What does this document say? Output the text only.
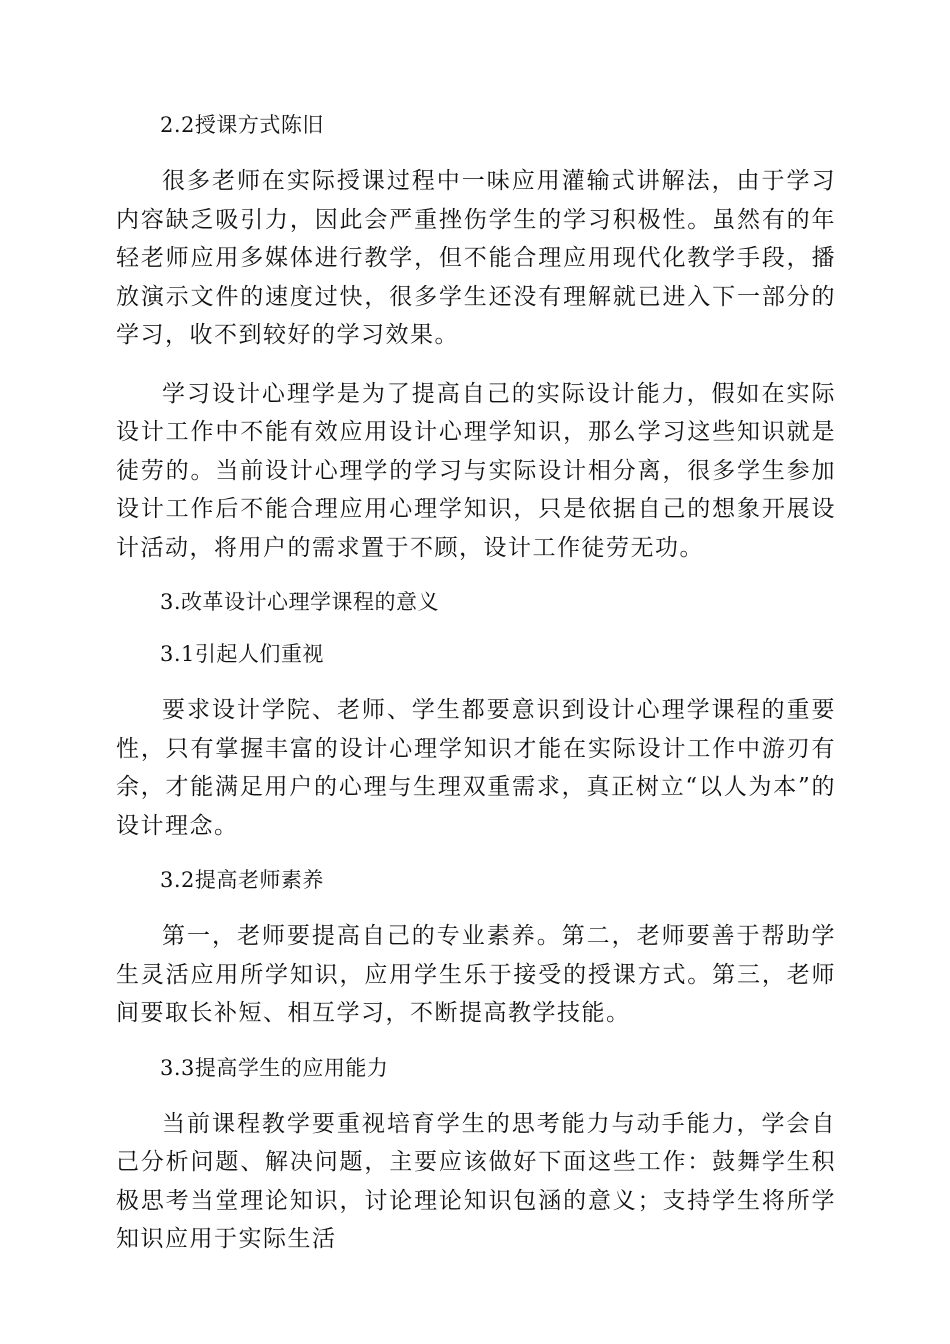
2.2授课方式陈旧

很多老师在实际授课过程中一味应用灌输式讲解法，由于学习内容缺乏吸引力，因此会严重挫伤学生的学习积极性。虽然有的年轻老师应用多媒体进行教学，但不能合理应用现代化教学手段，播放演示文件的速度过快，很多学生还没有理解就已进入下一部分的学习，收不到较好的学习效果。

学习设计心理学是为了提高自己的实际设计能力，假如在实际设计工作中不能有效应用设计心理学知识，那么学习这些知识就是徒劳的。当前设计心理学的学习与实际设计相分离，很多学生参加设计工作后不能合理应用心理学知识，只是依据自己的想象开展设计活动，将用户的需求置于不顾，设计工作徒劳无功。

3.改革设计心理学课程的意义
3.1引起人们重视

要求设计学院、老师、学生都要意识到设计心理学课程的重要性，只有掌握丰富的设计心理学知识才能在实际设计工作中游刃有余，才能满足用户的心理与生理双重需求，真正树立“以人为本”的设计理念。

3.2提高老师素养

第一，老师要提高自己的专业素养。第二，老师要善于帮助学生灵活应用所学知识，应用学生乐于接受的授课方式。第三，老师间要取长补短、相互学习，不断提高教学技能。

3.3提高学生的应用能力

当前课程教学要重视培育学生的思考能力与动手能力，学会自己分析问题、解决问题，主要应该做好下面这些工作：鼓舞学生积极思考当堂理论知识，讨论理论知识包涵的意义；支持学生将所学知识应用于实际生活
